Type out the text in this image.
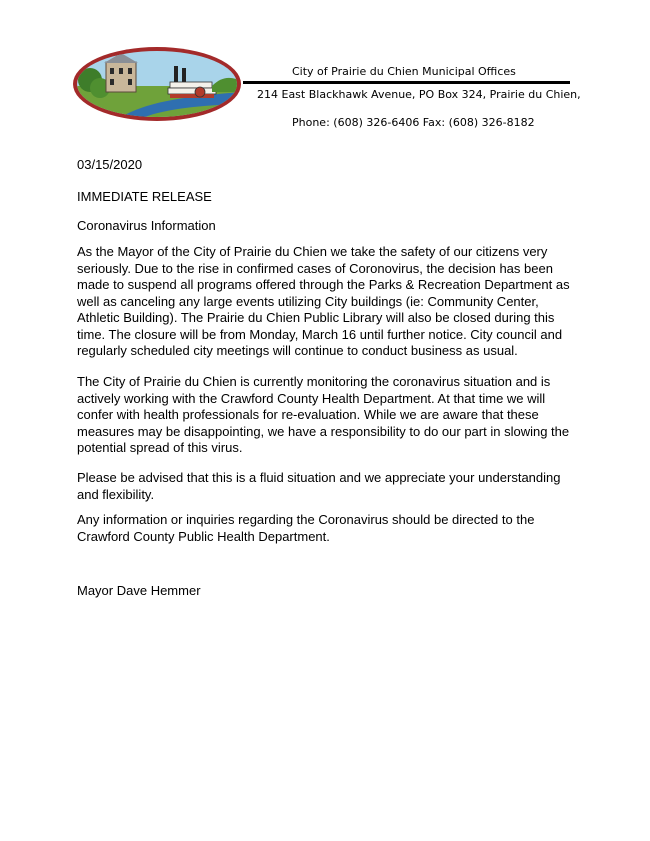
City of Prairie du Chien Municipal Offices
214 East Blackhawk Avenue, PO Box 324, Prairie du Chien,
Phone: (608) 326-6406 Fax: (608) 326-8182

03/15/2020

IMMEDIATE RELEASE

Coronavirus Information

As the Mayor of the City of Prairie du Chien we take the safety of our citizens very seriously. Due to the rise in confirmed cases of Coronovirus, the decision has been made to suspend all programs offered through the Parks & Recreation Department as well as canceling any large events utilizing City buildings (ie: Community Center, Athletic Building). The Prairie du Chien Public Library will also be closed during this time. The closure will be from Monday, March 16 until further notice. City council and regularly scheduled city meetings will continue to conduct business as usual.

The City of Prairie du Chien is currently monitoring the coronavirus situation and is actively working with the Crawford County Health Department. At that time we will confer with health professionals for re-evaluation. While we are aware that these measures may be disappointing, we have a responsibility to do our part in slowing the potential spread of this virus.

Please be advised that this is a fluid situation and we appreciate your understanding and flexibility.

Any information or inquiries regarding the Coronavirus should be directed to the Crawford County Public Health Department.

Mayor Dave Hemmer
